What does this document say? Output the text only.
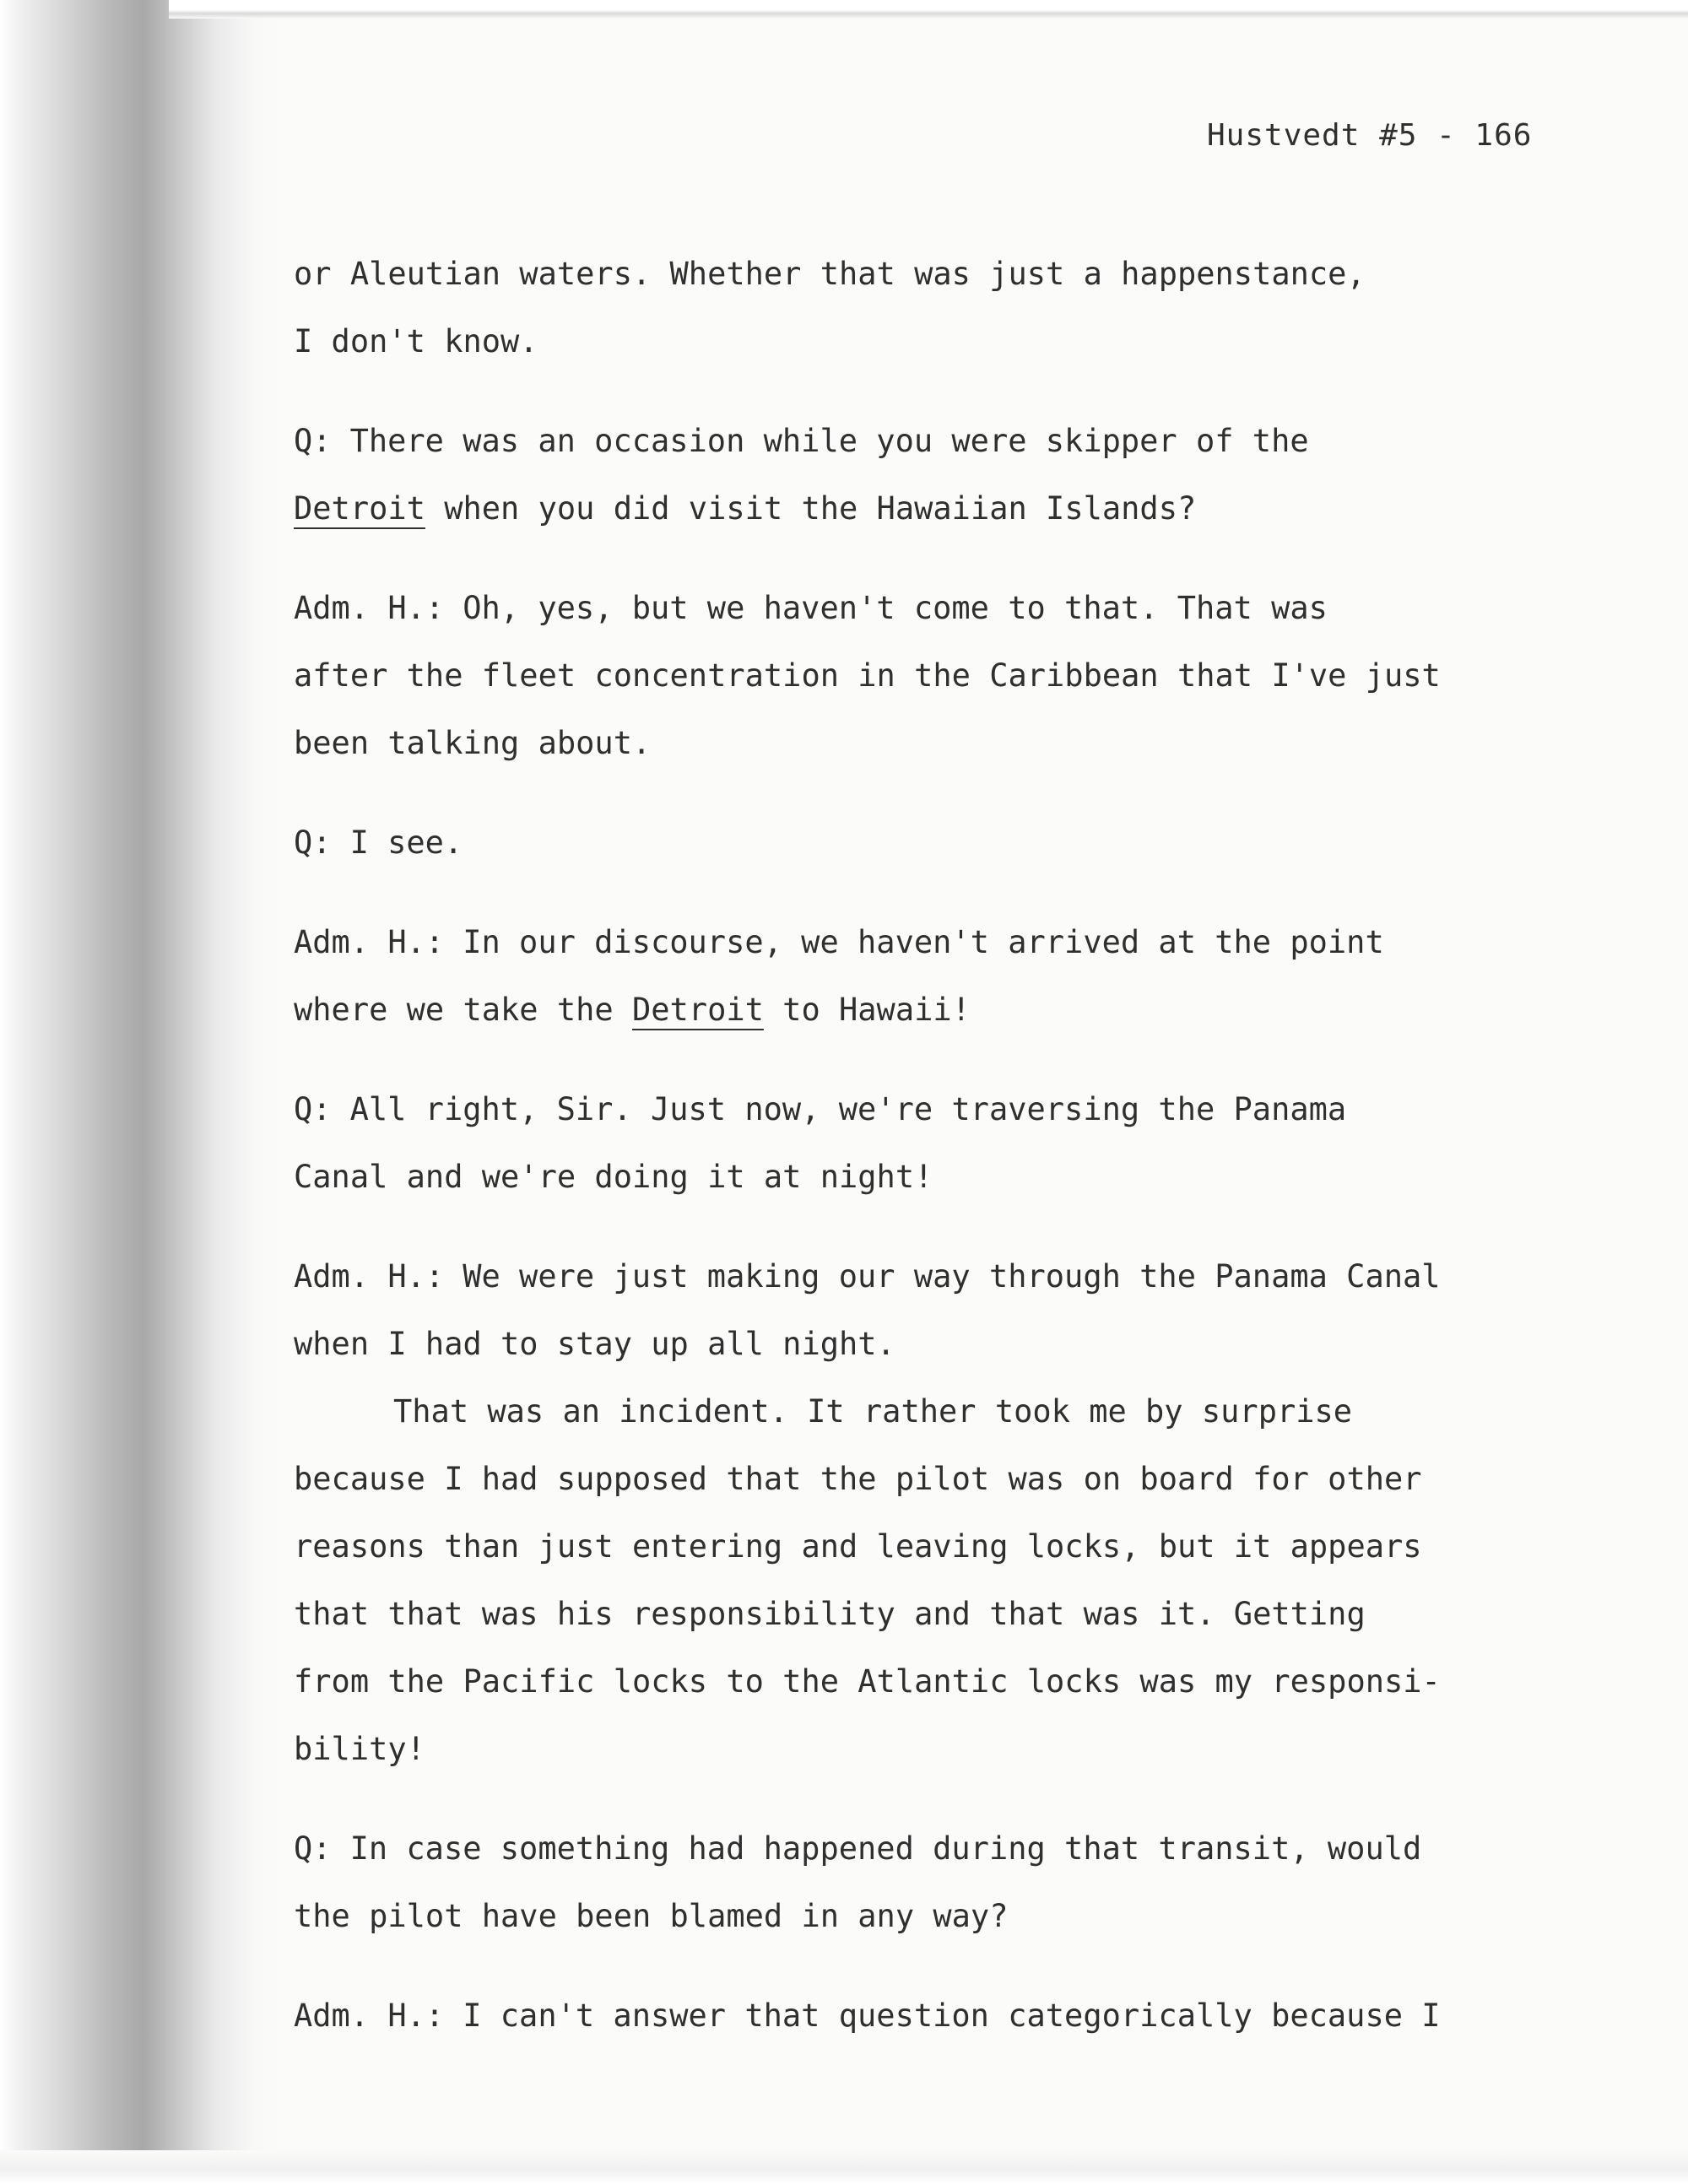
Hustvedt #5 - 166
or Aleutian waters. Whether that was just a happenstance,
I don't know.
Q: There was an occasion while you were skipper of the
Detroit when you did visit the Hawaiian Islands?
Adm. H.: Oh, yes, but we haven't come to that. That was
after the fleet concentration in the Caribbean that I've just
been talking about.
Q: I see.
Adm. H.: In our discourse, we haven't arrived at the point
where we take the Detroit to Hawaii!
Q: All right, Sir. Just now, we're traversing the Panama
Canal and we're doing it at night!
Adm. H.: We were just making our way through the Panama Canal
when I had to stay up all night.
That was an incident. It rather took me by surprise
because I had supposed that the pilot was on board for other
reasons than just entering and leaving locks, but it appears
that that was his responsibility and that was it. Getting
from the Pacific locks to the Atlantic locks was my responsi-
bility!
Q: In case something had happened during that transit, would
the pilot have been blamed in any way?
Adm. H.: I can't answer that question categorically because I
